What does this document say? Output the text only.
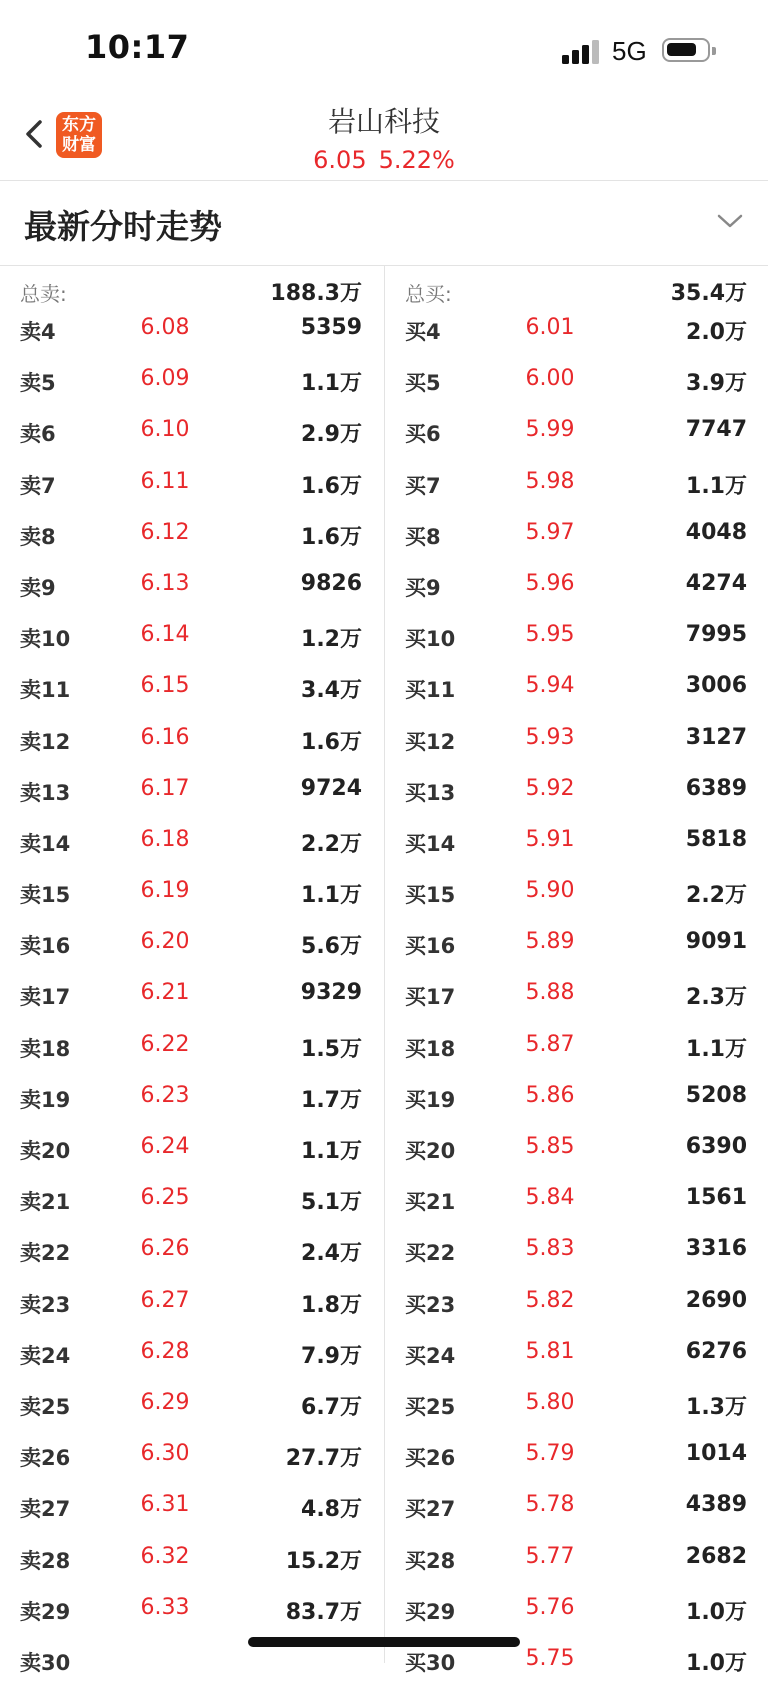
10:17	5G
东方财富
岩山科技
6.05 5.22%
最新分时走势
总卖:	188.3万
卖4	6.08	5359
卖5	6.09	1.1万
卖6	6.10	2.9万
卖7	6.11	1.6万
卖8	6.12	1.6万
卖9	6.13	9826
卖10	6.14	1.2万
卖11	6.15	3.4万
卖12	6.16	1.6万
卖13	6.17	9724
卖14	6.18	2.2万
卖15	6.19	1.1万
卖16	6.20	5.6万
卖17	6.21	9329
卖18	6.22	1.5万
卖19	6.23	1.7万
卖20	6.24	1.1万
卖21	6.25	5.1万
卖22	6.26	2.4万
卖23	6.27	1.8万
卖24	6.28	7.9万
卖25	6.29	6.7万
卖26	6.30	27.7万
卖27	6.31	4.8万
卖28	6.32	15.2万
卖29	6.33	83.7万
卖30
总买:	35.4万
买4	6.01	2.0万
买5	6.00	3.9万
买6	5.99	7747
买7	5.98	1.1万
买8	5.97	4048
买9	5.96	4274
买10	5.95	7995
买11	5.94	3006
买12	5.93	3127
买13	5.92	6389
买14	5.91	5818
买15	5.90	2.2万
买16	5.89	9091
买17	5.88	2.3万
买18	5.87	1.1万
买19	5.86	5208
买20	5.85	6390
买21	5.84	1561
买22	5.83	3316
买23	5.82	2690
买24	5.81	6276
买25	5.80	1.3万
买26	5.79	1014
买27	5.78	4389
买28	5.77	2682
买29	5.76	1.0万
买30	5.75	1.0万
